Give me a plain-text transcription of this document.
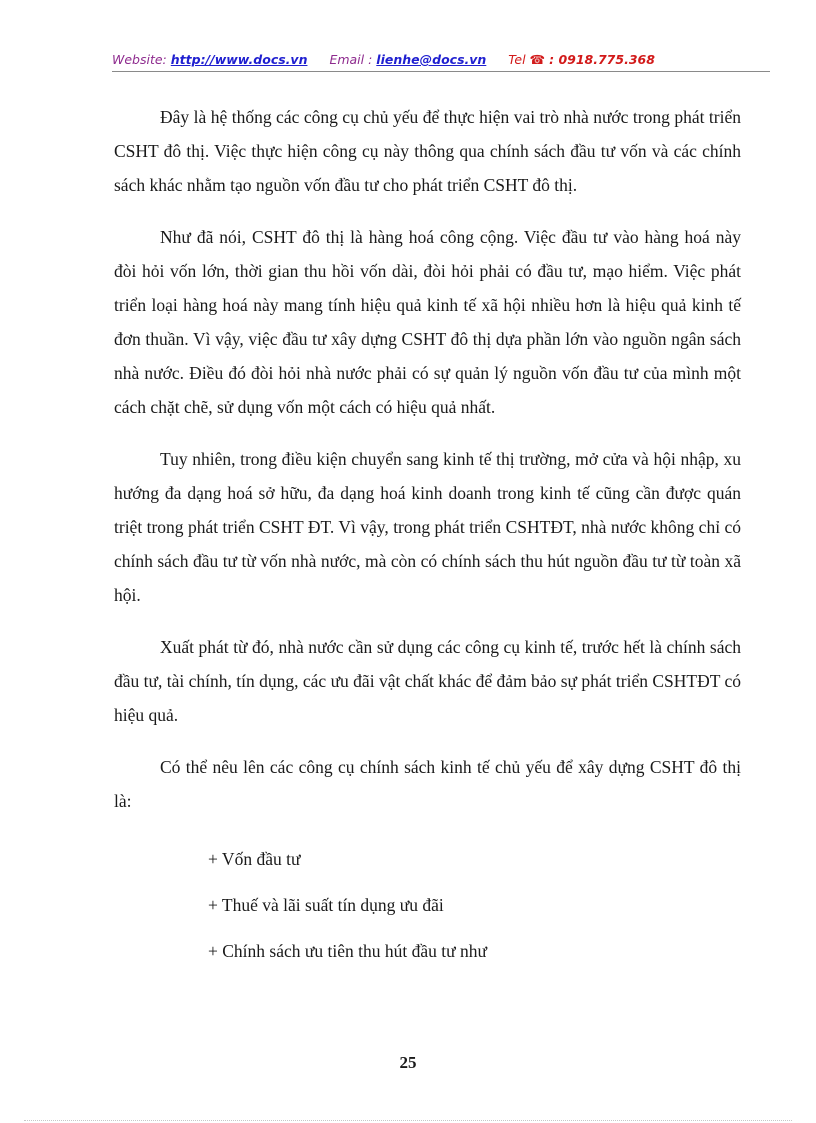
Website: http://www.docs.vn Email : lienhe@docs.vn Tel ☎ : 0918.775.368

Đây là hệ thống các công cụ chủ yếu để thực hiện vai trò nhà nước trong phát triển CSHT đô thị. Việc thực hiện công cụ này thông qua chính sách đầu tư vốn và các chính sách khác nhằm tạo nguồn vốn đầu tư cho phát triển CSHT đô thị.

Như đã nói, CSHT đô thị là hàng hoá công cộng. Việc đầu tư vào hàng hoá này đòi hỏi vốn lớn, thời gian thu hồi vốn dài, đòi hỏi phải có đầu tư, mạo hiểm. Việc phát triển loại hàng hoá này mang tính hiệu quả kinh tế xã hội nhiều hơn là hiệu quả kinh tế đơn thuần. Vì vậy, việc đầu tư xây dựng CSHT đô thị dựa phần lớn vào nguồn ngân sách nhà nước. Điều đó đòi hỏi nhà nước phải có sự quản lý nguồn vốn đầu tư của mình một cách chặt chẽ, sử dụng vốn một cách có hiệu quả nhất.

Tuy nhiên, trong điều kiện chuyển sang kinh tế thị trường, mở cửa và hội nhập, xu hướng đa dạng hoá sở hữu, đa dạng hoá kinh doanh trong kinh tế cũng cần được quán triệt trong phát triển CSHT ĐT. Vì vậy, trong phát triển CSHTĐT, nhà nước không chỉ có chính sách đầu tư từ vốn nhà nước, mà còn có chính sách thu hút nguồn đầu tư từ toàn xã hội.

Xuất phát từ đó, nhà nước cần sử dụng các công cụ kinh tế, trước hết là chính sách đầu tư, tài chính, tín dụng, các ưu đãi vật chất khác để đảm bảo sự phát triển CSHTĐT có hiệu quả.

Có thể nêu lên các công cụ chính sách kinh tế chủ yếu để xây dựng CSHT đô thị là:

+ Vốn đầu tư
+ Thuế và lãi suất tín dụng ưu đãi
+ Chính sách ưu tiên thu hút đầu tư như
25
